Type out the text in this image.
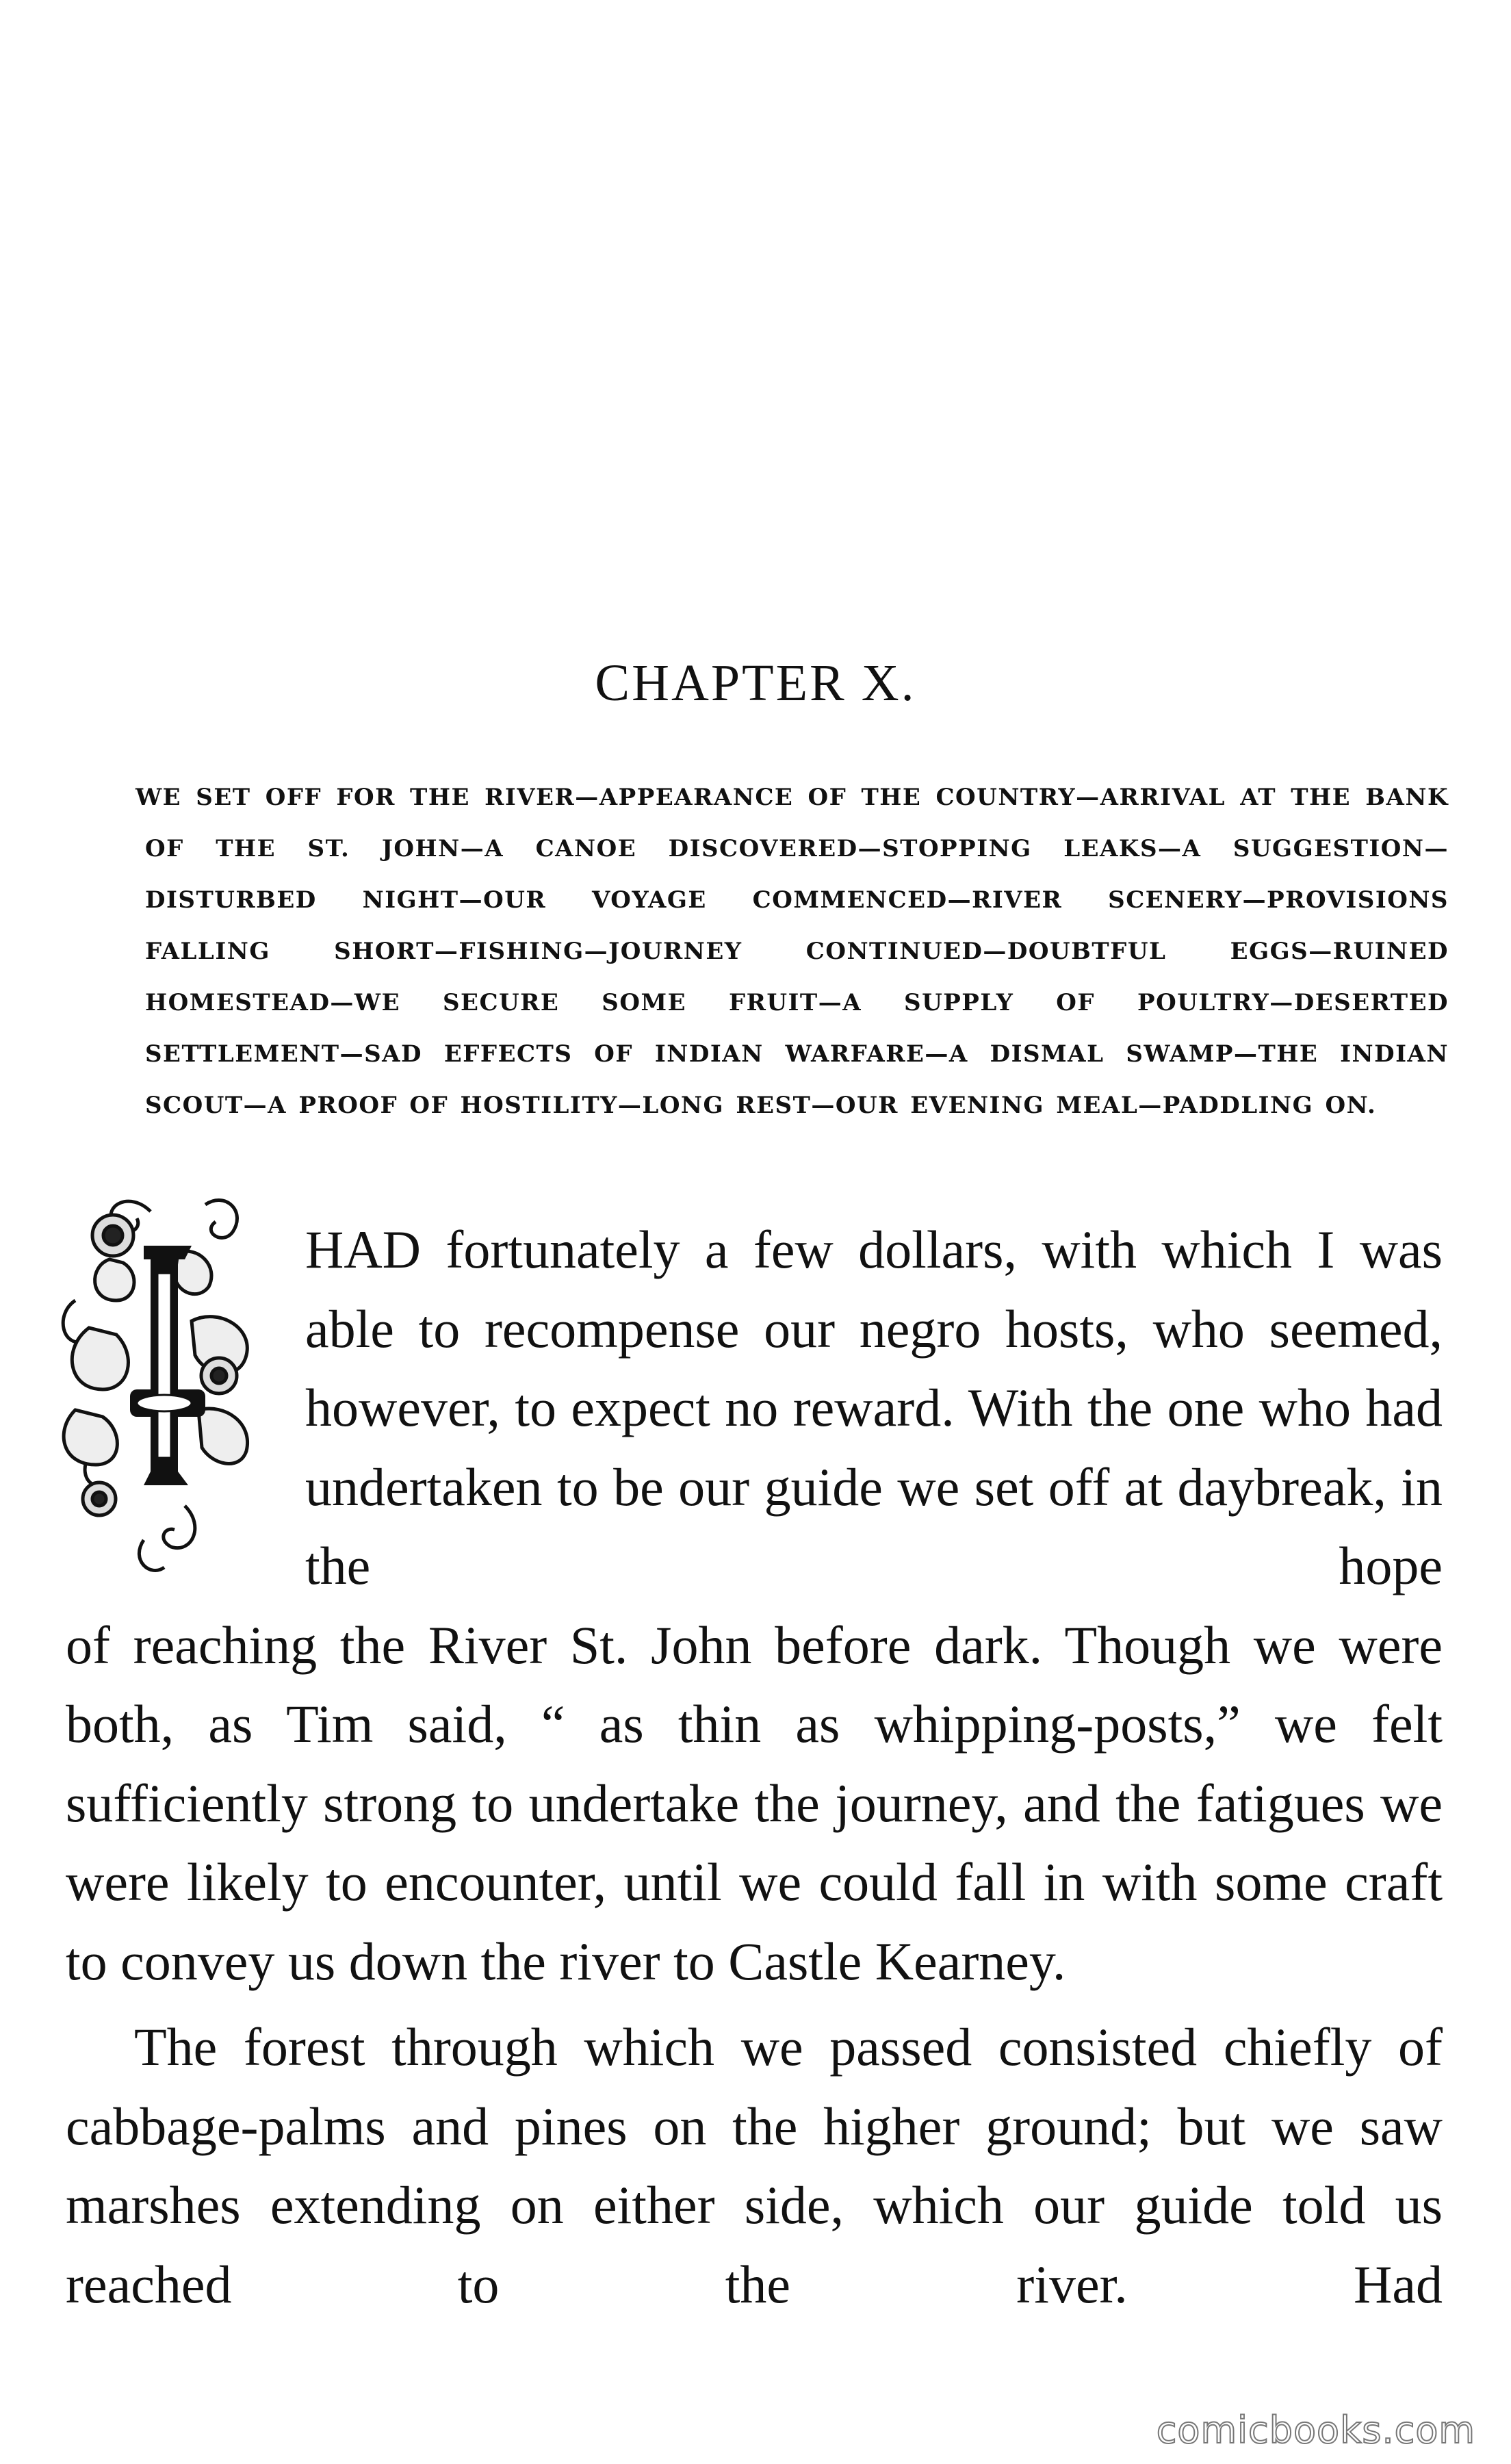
CHAPTER X.
WE SET OFF FOR THE RIVER—APPEARANCE OF THE COUNTRY—ARRIVAL AT THE BANK OF THE ST. JOHN—A CANOE DISCOVERED—STOPPING LEAKS—A SUGGESTION—DISTURBED NIGHT—OUR VOYAGE COMMENCED—RIVER SCENERY—PROVISIONS FALLING SHORT—FISHING—JOURNEY CONTINUED—DOUBTFUL EGGS—RUINED HOMESTEAD—WE SECURE SOME FRUIT—A SUPPLY OF POULTRY—DESERTED SETTLEMENT—SAD EFFECTS OF INDIAN WARFARE—A DISMAL SWAMP—THE INDIAN SCOUT—A PROOF OF HOSTILITY—LONG REST—OUR EVENING MEAL—PADDLING ON.

HAD fortunately a few dollars, with which I was able to recompense our negro hosts, who seemed, however, to expect no reward. With the one who had undertaken to be our guide we set off at daybreak, in the hope

of reaching the River St. John before dark. Though we were both, as Tim said, “ as thin as whipping-posts,” we felt sufficiently strong to undertake the journey, and the fatigues we were likely to encounter, until we could fall in with some craft to convey us down the river to Castle Kearney.

The forest through which we passed consisted chiefly of cabbage-palms and pines on the higher ground; but we saw marshes extending on either side, which our guide told us reached to the river. Had

comicbooks.com
